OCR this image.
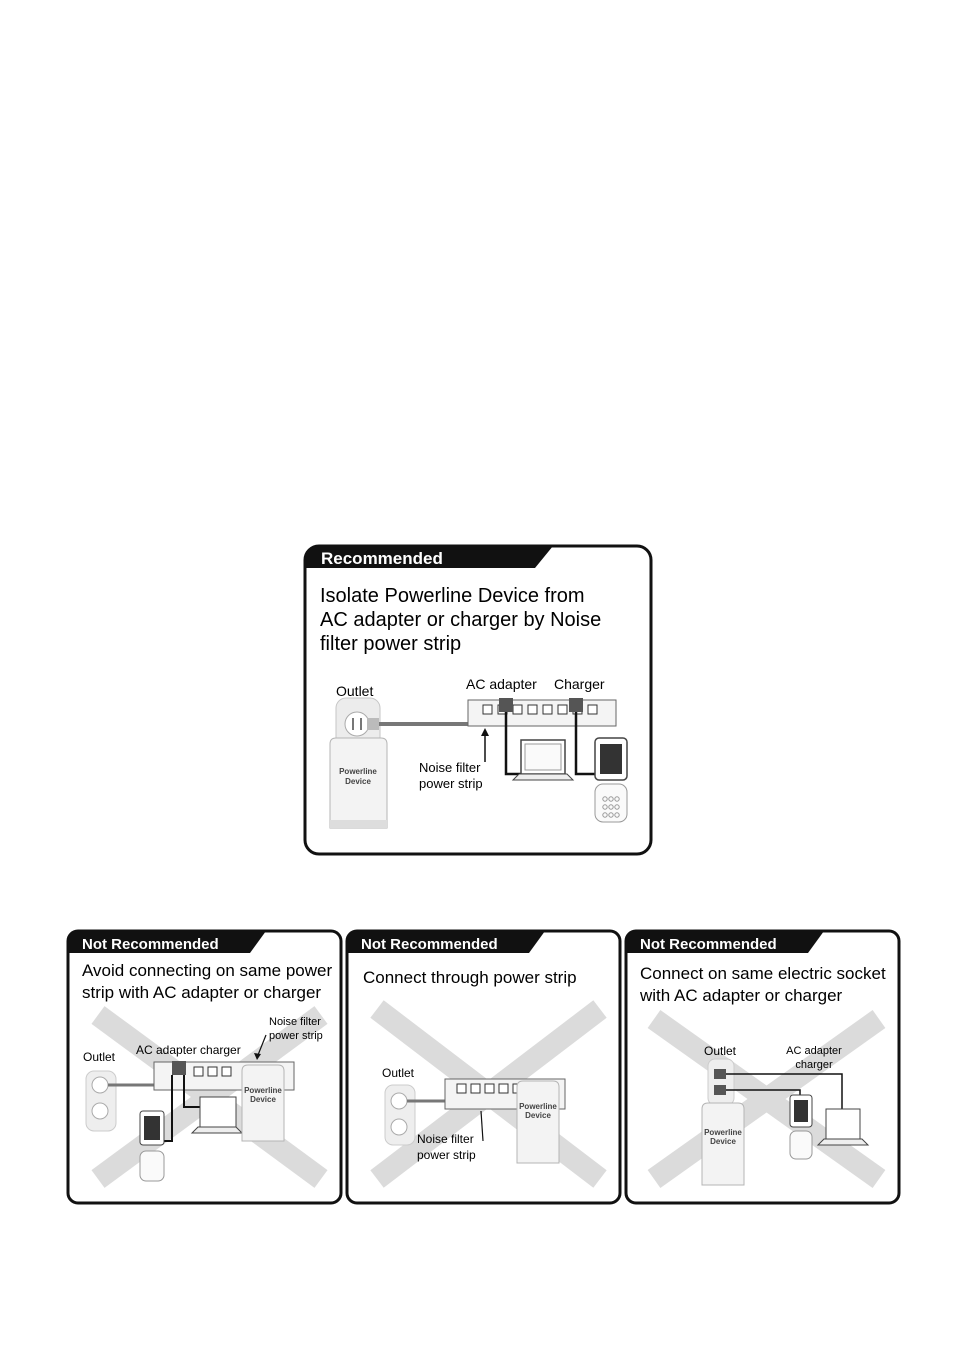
Recommended
Isolate Powerline Device from
AC adapter or charger by Noise
filter power strip
Outlet	AC adapter Charger
Noise filter
power strip
Powerline
Device
Not Recommended
Avoid connecting on same power
strip with AC adapter or charger
Outlet AC adapter charger
Noise filter
power strip
Powerline
Device
Not Recommended
Connect through power strip
Outlet
Noise filter
power strip
Powerline
Device
Not Recommended
Connect on same electric socket
with AC adapter or charger
Outlet	AC adapter
charger
Powerline
Device
